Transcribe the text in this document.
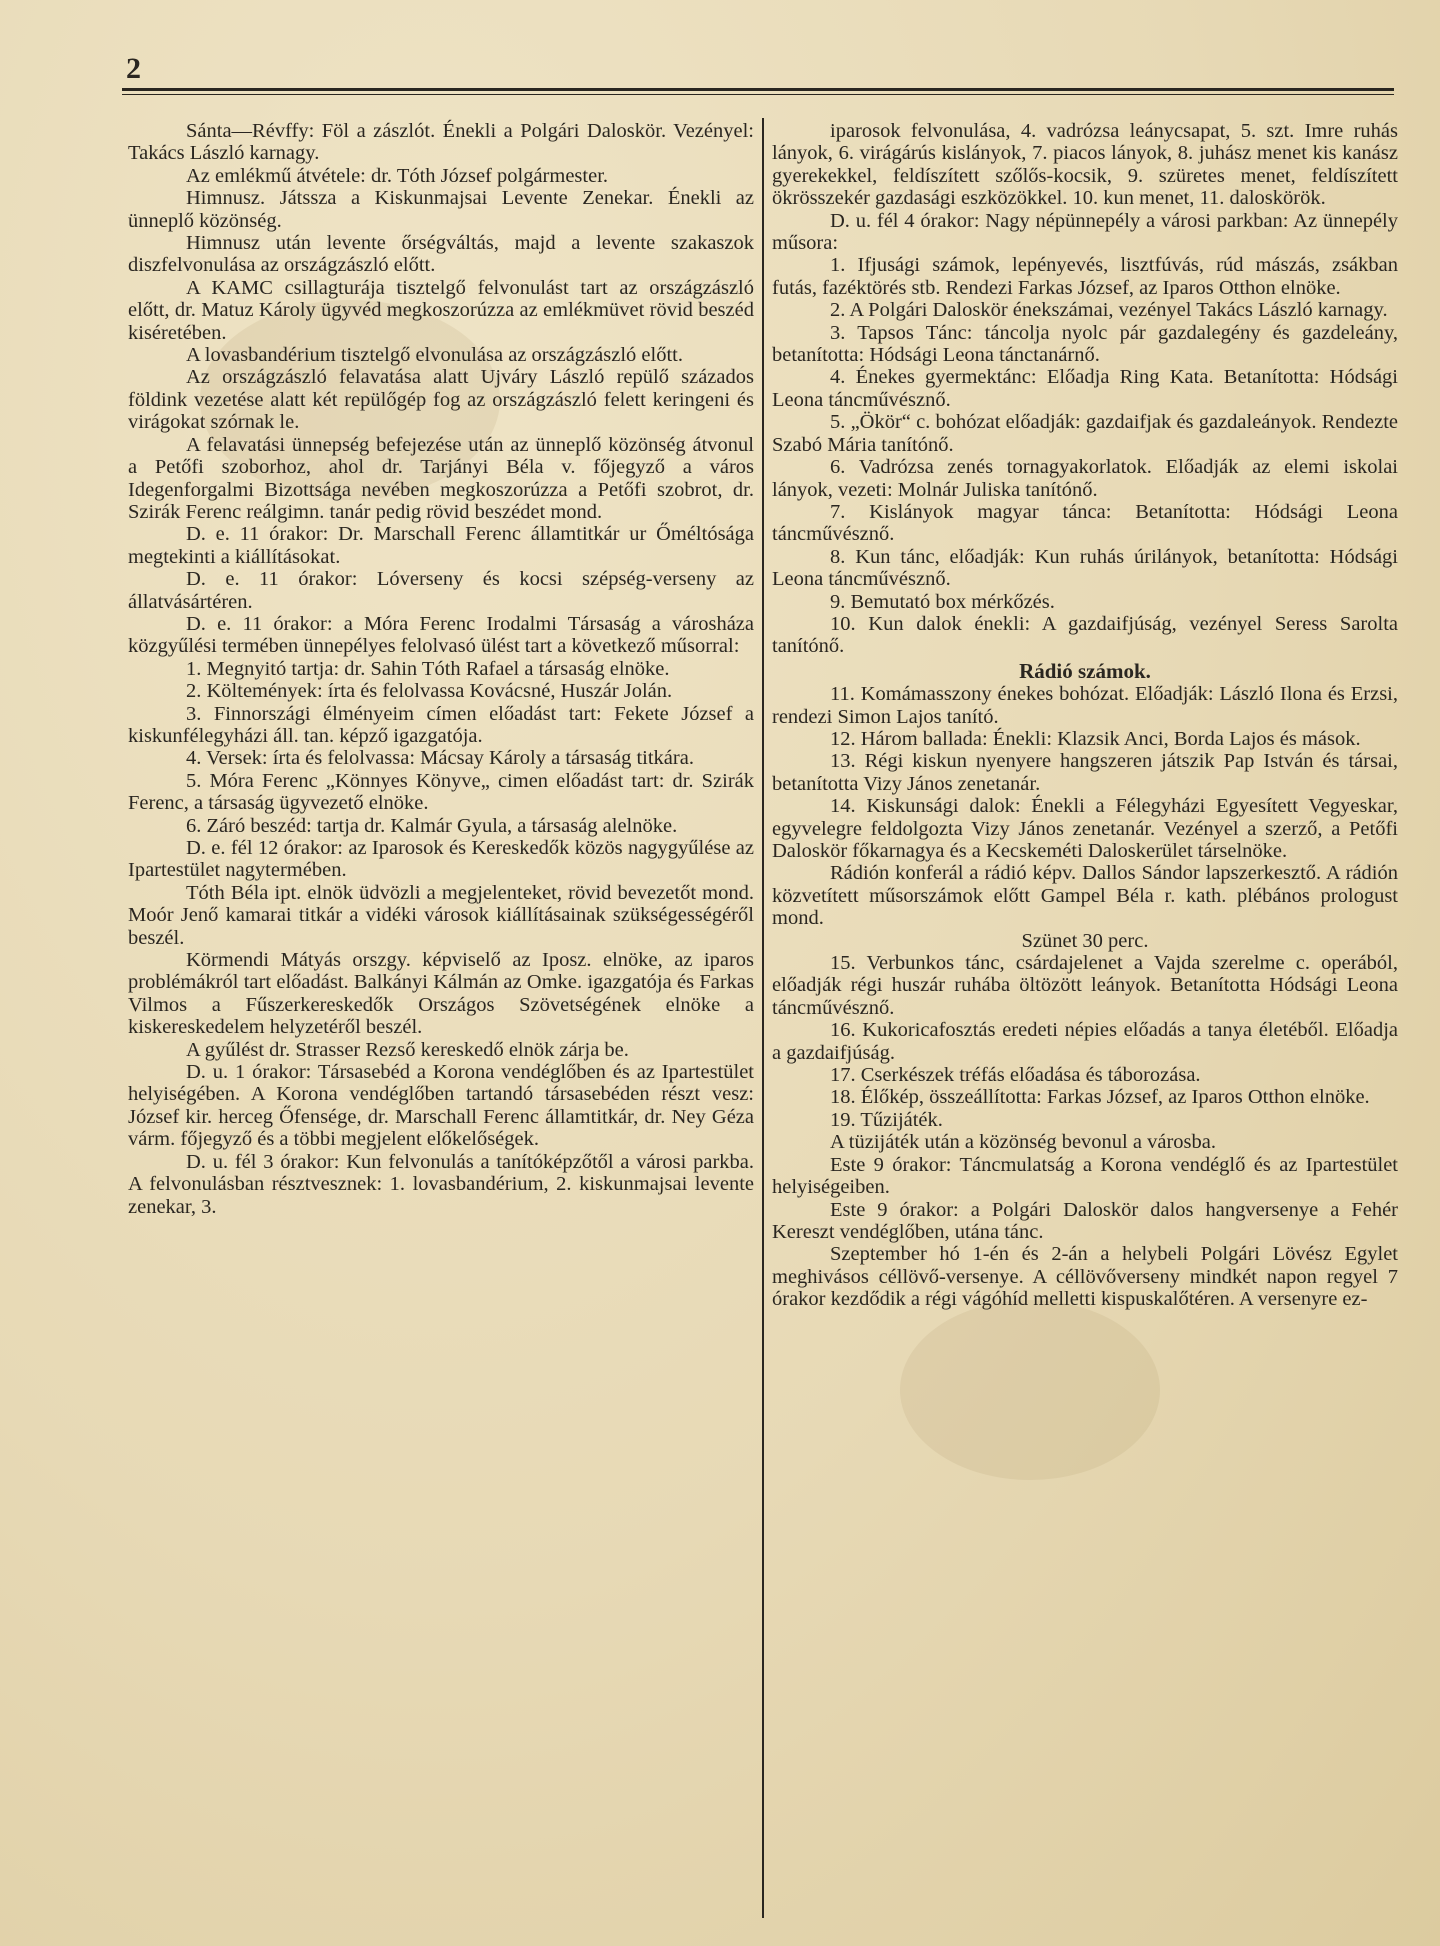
2

Sánta—Révffy: Föl a zászlót. Énekli a Polgári Daloskör. Vezényel: Takács László karnagy.

Az emlékmű átvétele: dr. Tóth József polgármester.

Himnusz. Játssza a Kiskunmajsai Levente Zenekar. Énekli az ünneplő közönség.

Himnusz után levente őrségváltás, majd a levente szakaszok diszfelvonulása az országzászló előtt.

A KAMC csillagturája tisztelgő felvonulást tart az országzászló előtt, dr. Matuz Károly ügyvéd megkoszorúzza az emlékmüvet rövid beszéd kiséretében.

A lovasbandérium tisztelgő elvonulása az országzászló előtt.

Az országzászló felavatása alatt Ujváry László repülő százados földink vezetése alatt két repülőgép fog az országzászló felett keringeni és virágokat szórnak le.

A felavatási ünnepség befejezése után az ünneplő közönség átvonul a Petőfi szoborhoz, ahol dr. Tarjányi Béla v. főjegyző a város Idegenforgalmi Bizottsága nevében megkoszorúzza a Petőfi szobrot, dr. Szirák Ferenc reálgimn. tanár pedig rövid beszédet mond.

D. e. 11 órakor: Dr. Marschall Ferenc államtitkár ur Őméltósága megtekinti a kiállításokat.

D. e. 11 órakor: Lóverseny és kocsi szépség-verseny az állatvásártéren.

D. e. 11 órakor: a Móra Ferenc Irodalmi Társaság a városháza közgyűlési termében ünnepélyes felolvasó ülést tart a következő műsorral:

1. Megnyitó tartja: dr. Sahin Tóth Rafael a társaság elnöke.

2. Költemények: írta és felolvassa Kovácsné, Huszár Jolán.

3. Finnországi élményeim címen előadást tart: Fekete József a kiskunfélegyházi áll. tan. képző igazgatója.

4. Versek: írta és felolvassa: Mácsay Károly a társaság titkára.

5. Móra Ferenc „Könnyes Könyve„ cimen előadást tart: dr. Szirák Ferenc, a társaság ügyvezető elnöke.

6. Záró beszéd: tartja dr. Kalmár Gyula, a társaság alelnöke.

D. e. fél 12 órakor: az Iparosok és Kereskedők közös nagygyűlése az Ipartestület nagytermében.

Tóth Béla ipt. elnök üdvözli a megjelenteket, rövid bevezetőt mond. Moór Jenő kamarai titkár a vidéki városok kiállításainak szükségességéről beszél.

Körmendi Mátyás orszgy. képviselő az Iposz. elnöke, az iparos problémákról tart előadást. Balkányi Kálmán az Omke. igazgatója és Farkas Vilmos a Fűszerkereskedők Országos Szövetségének elnöke a kiskereskedelem helyzetéről beszél.

A gyűlést dr. Strasser Rezső kereskedő elnök zárja be.

D. u. 1 órakor: Társasebéd a Korona vendéglőben és az Ipartestület helyiségében. A Korona vendéglőben tartandó társasebéden részt vesz: József kir. herceg Őfensége, dr. Marschall Ferenc államtitkár, dr. Ney Géza várm. főjegyző és a többi megjelent előkelőségek.

D. u. fél 3 órakor: Kun felvonulás a tanítóképzőtől a városi parkba. A felvonulásban résztvesznek: 1. lovasbandérium, 2. kiskunmajsai levente zenekar, 3.

iparosok felvonulása, 4. vadrózsa leánycsapat, 5. szt. Imre ruhás lányok, 6. virágárús kislányok, 7. piacos lányok, 8. juhász menet kis kanász gyerekekkel, feldíszített szőlős-kocsik, 9. szüretes menet, feldíszített ökrösszekér gazdasági eszközökkel. 10. kun menet, 11. daloskörök.

D. u. fél 4 órakor: Nagy népünnepély a városi parkban: Az ünnepély műsora:

1. Ifjusági számok, lepényevés, lisztfúvás, rúd mászás, zsákban futás, fazéktörés stb. Rendezi Farkas József, az Iparos Otthon elnöke.

2. A Polgári Daloskör énekszámai, vezényel Takács László karnagy.

3. Tapsos Tánc: táncolja nyolc pár gazdalegény és gazdeleány, betanította: Hódsági Leona tánctanárnő.

4. Énekes gyermektánc: Előadja Ring Kata. Betanította: Hódsági Leona táncművésznő.

5. „Ökör“ c. bohózat előadják: gazdaifjak és gazdaleányok. Rendezte Szabó Mária tanítónő.

6. Vadrózsa zenés tornagyakorlatok. Előadják az elemi iskolai lányok, vezeti: Molnár Juliska tanítónő.

7. Kislányok magyar tánca: Betanította: Hódsági Leona táncművésznő.

8. Kun tánc, előadják: Kun ruhás úrilányok, betanította: Hódsági Leona táncművésznő.

9. Bemutató box mérkőzés.

10. Kun dalok énekli: A gazdaifjúság, vezényel Seress Sarolta tanítónő.

Rádió számok.

11. Komámasszony énekes bohózat. Előadják: László Ilona és Erzsi, rendezi Simon Lajos tanító.

12. Három ballada: Énekli: Klazsik Anci, Borda Lajos és mások.

13. Régi kiskun nyenyere hangszeren játszik Pap István és társai, betanította Vizy János zenetanár.

14. Kiskunsági dalok: Énekli a Félegyházi Egyesített Vegyeskar, egyvelegre feldolgozta Vizy János zenetanár. Vezényel a szerző, a Petőfi Daloskör főkarnagya és a Kecskeméti Daloskerület társelnöke.

Rádión konferál a rádió képv. Dallos Sándor lapszerkesztő. A rádión közvetített műsorszámok előtt Gampel Béla r. kath. plébános prologust mond.

Szünet 30 perc.

15. Verbunkos tánc, csárdajelenet a Vajda szerelme c. operából, előadják régi huszár ruhába öltözött leányok. Betanította Hódsági Leona táncművésznő.

16. Kukoricafosztás eredeti népies előadás a tanya életéből. Előadja a gazdaifjúság.

17. Cserkészek tréfás előadása és táborozása.

18. Élőkép, összeállította: Farkas József, az Iparos Otthon elnöke.

19. Tűzijáték.

A tüzijáték után a közönség bevonul a városba.

Este 9 órakor: Táncmulatság a Korona vendéglő és az Ipartestület helyiségeiben.

Este 9 órakor: a Polgári Daloskör dalos hangversenye a Fehér Kereszt vendéglőben, utána tánc.

Szeptember hó 1-én és 2-án a helybeli Polgári Lövész Egylet meghivásos céllövő-versenye. A céllövőverseny mindkét napon regyel 7 órakor kezdődik a régi vágóhíd melletti kispuskalőtéren. A versenyre ez-
